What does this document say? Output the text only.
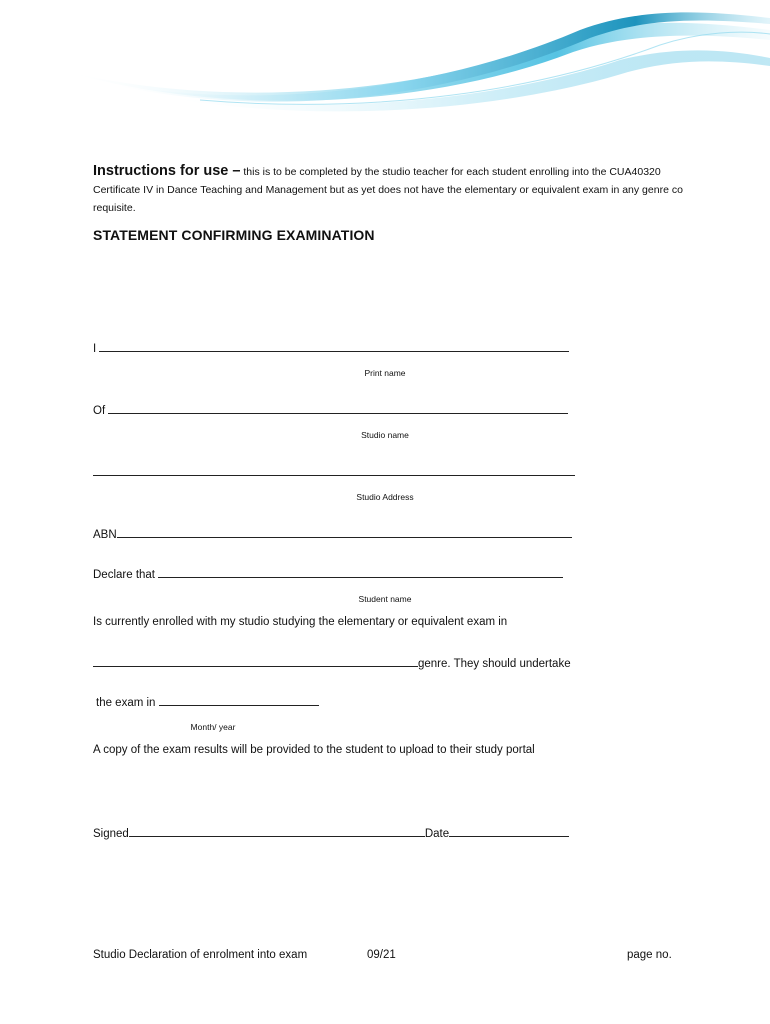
Instructions for use – this is to be completed by the studio teacher for each student enrolling into the CUA40320 Certificate IV in Dance Teaching and Management but as yet does not have the elementary or equivalent exam in any genre co requisite.
STATEMENT CONFIRMING EXAMINATION
I
Print name
Of
Studio name
Studio Address
ABN
Declare that
Student name
Is currently enrolled with my studio studying the elementary or equivalent exam in
genre. They should undertake
the exam in
Month/ year
A copy of the exam results will be provided to the student to upload to their study portal
Signed	Date
Studio Declaration of enrolment into exam	09/21	page no.
